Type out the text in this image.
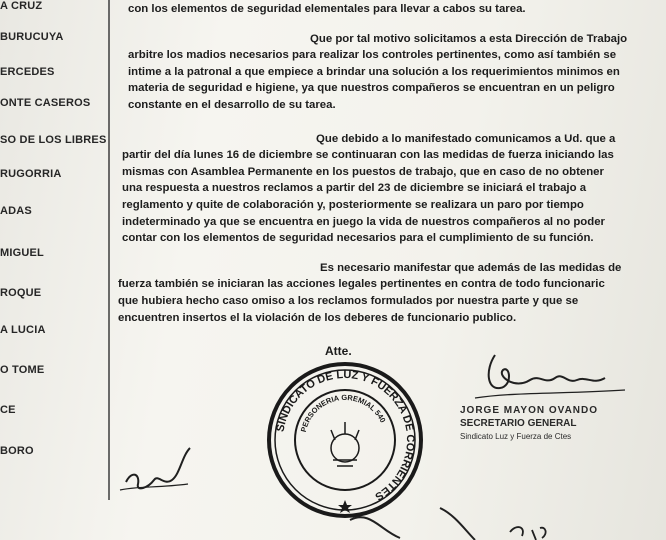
A CRUZ
BURUCUYA
ERCEDES
ONTE CASEROS
SO DE LOS LIBRES
RUGORRIA
ADAS
MIGUEL
ROQUE
A LUCIA
O TOME
CE
BORO

con los elementos de seguridad elementales para llevar a cabos su tarea.

Que por tal motivo solicitamos a esta Dirección de Trabajo
arbitre los madios necesarios para realizar los controles pertinentes, como así también se
intime a la patronal a que empiece a brindar una solución a los requerimientos minimos en
materia de seguridad e higiene, ya que nuestros compañeros se encuentran en un peligro
constante en el desarrollo de su tarea.

Que debido a lo manifestado comunicamos a Ud. que a
partir del día lunes 16 de diciembre se continuaran con las medidas de fuerza iniciando las
mismas con Asamblea Permanente en los puestos de trabajo, que en caso de no obtener
una respuesta a nuestros reclamos a partir del 23 de diciembre se iniciará el trabajo a
reglamento y quite de colaboración y, posteriormente se realizara un paro por tiempo
indeterminado ya que se encuentra en juego la vida de nuestros compañeros al no poder
contar con los elementos de seguridad necesarios para el cumplimiento de su función.

Es necesario manifestar que además de las medidas de
fuerza también se iniciaran las acciones legales pertinentes en contra de todo funcionaric
que hubiera hecho caso omiso a los reclamos formulados por nuestra parte y que se
encuentren insertos el la violación de los deberes de funcionario publico.

Atte.
SINDICATO DE LUZ Y FUERZA DE CORRIENTES
PERSONERIA GREMIAL 540
JORGE MAYON OVANDO
SECRETARIO GENERAL
Sindicato Luz y Fuerza de Ctes
